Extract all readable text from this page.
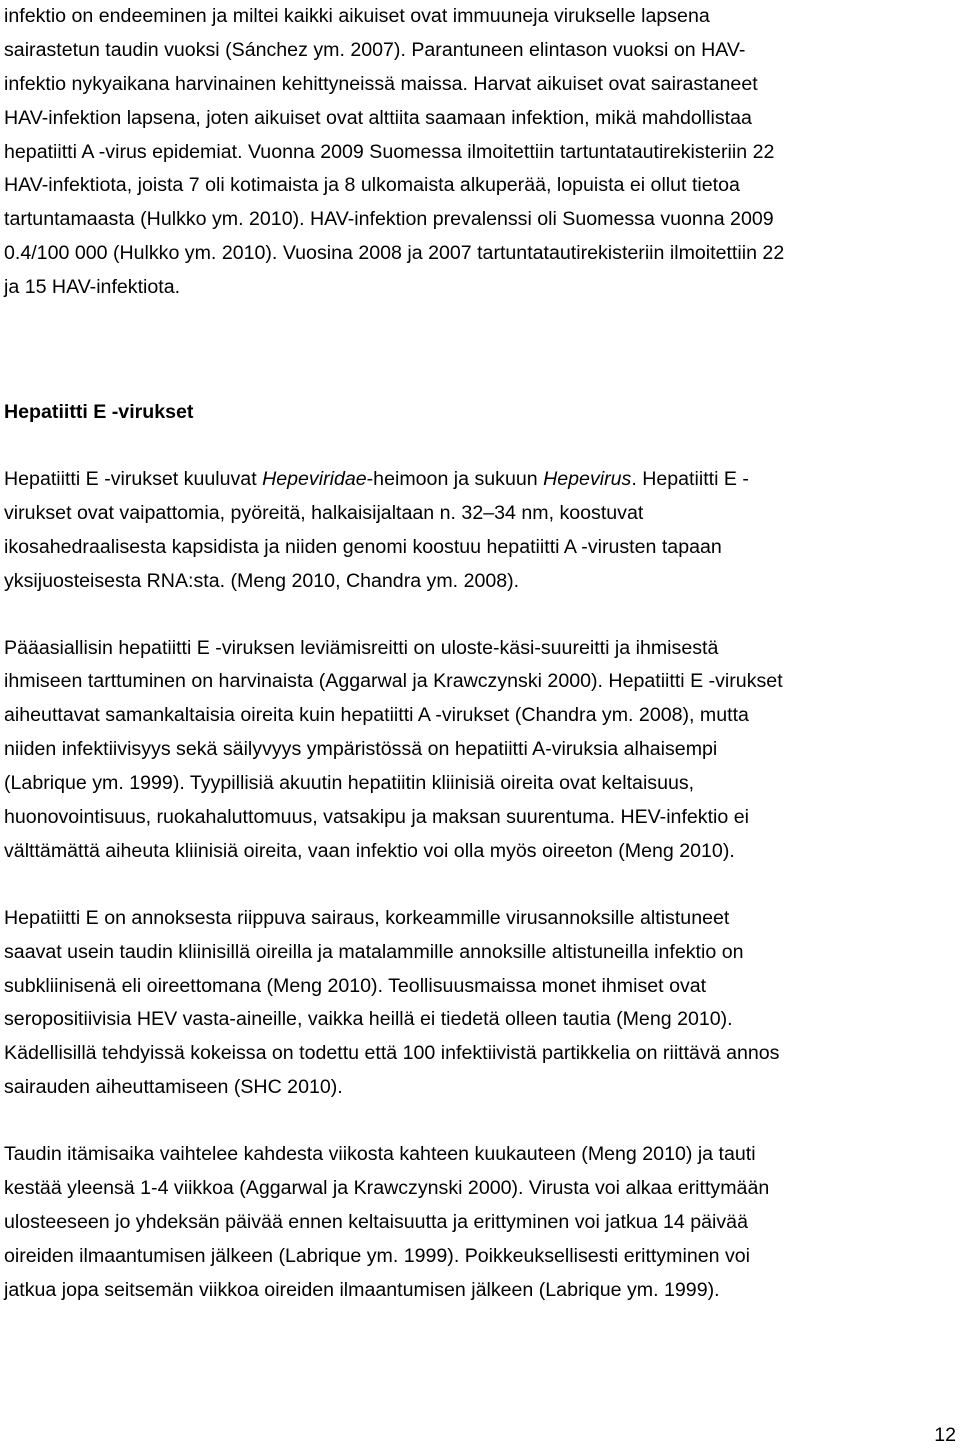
infektio on endeeminen ja miltei kaikki aikuiset ovat immuuneja virukselle lapsena
sairastetun taudin vuoksi (Sánchez ym. 2007). Parantuneen elintason vuoksi on HAV-
infektio nykyaikana harvinainen kehittyneissä maissa. Harvat aikuiset ovat sairastaneet
HAV-infektion lapsena, joten aikuiset ovat alttiita saamaan infektion, mikä mahdollistaa
hepatiitti A -virus epidemiat. Vuonna 2009 Suomessa ilmoitettiin tartuntatautirekisteriin 22
HAV-infektiota, joista 7 oli kotimaista ja 8 ulkomaista alkuperää, lopuista ei ollut tietoa
tartuntamaasta (Hulkko ym. 2010). HAV-infektion prevalenssi oli Suomessa vuonna 2009
0.4/100 000 (Hulkko ym. 2010). Vuosina 2008 ja 2007 tartuntatautirekisteriin ilmoitettiin 22
ja 15 HAV-infektiota.
Hepatiitti E -virukset
Hepatiitti E -virukset kuuluvat Hepeviridae-heimoon ja sukuun Hepevirus. Hepatiitti E -
virukset ovat vaipattomia, pyöreitä, halkaisijaltaan n. 32–34 nm, koostuvat
ikosahedraalisesta kapsidista ja niiden genomi koostuu hepatiitti A -virusten tapaan
yksijuosteisesta RNA:sta. (Meng 2010, Chandra ym. 2008).
Pääasiallisin hepatiitti E -viruksen leviämisreitti on uloste-käsi-suureitti ja ihmisestä
ihmiseen tarttuminen on harvinaista (Aggarwal ja Krawczynski 2000). Hepatiitti E -virukset
aiheuttavat samankaltaisia oireita kuin hepatiitti A -virukset (Chandra ym. 2008), mutta
niiden infektiivisyys sekä säilyvyys ympäristössä on hepatiitti A-viruksia alhaisempi
(Labrique ym. 1999). Tyypillisiä akuutin hepatiitin kliinisiä oireita ovat keltaisuus,
huonovointisuus, ruokahaluttomuus, vatsakipu ja maksan suurentuma. HEV-infektio ei
välttämättä aiheuta kliinisiä oireita, vaan infektio voi olla myös oireeton (Meng 2010).
Hepatiitti E on annoksesta riippuva sairaus, korkeammille virusannoksille altistuneet
saavat usein taudin kliinisillä oireilla ja matalammille annoksille altistuneilla infektio on
subkliinisenä eli oireettomana (Meng 2010). Teollisuusmaissa monet ihmiset ovat
seropositiivisia HEV vasta-aineille, vaikka heillä ei tiedetä olleen tautia (Meng 2010).
Kädellisillä tehdyissä kokeissa on todettu että 100 infektiivistä partikkelia on riittävä annos
sairauden aiheuttamiseen (SHC 2010).
Taudin itämisaika vaihtelee kahdesta viikosta kahteen kuukauteen (Meng 2010) ja tauti
kestää yleensä 1-4 viikkoa (Aggarwal ja Krawczynski 2000). Virusta voi alkaa erittymään
ulosteeseen jo yhdeksän päivää ennen keltaisuutta ja erittyminen voi jatkua 14 päivää
oireiden ilmaantumisen jälkeen (Labrique ym. 1999). Poikkeuksellisesti erittyminen voi
jatkua jopa seitsemän viikkoa oireiden ilmaantumisen jälkeen (Labrique ym. 1999).
12
